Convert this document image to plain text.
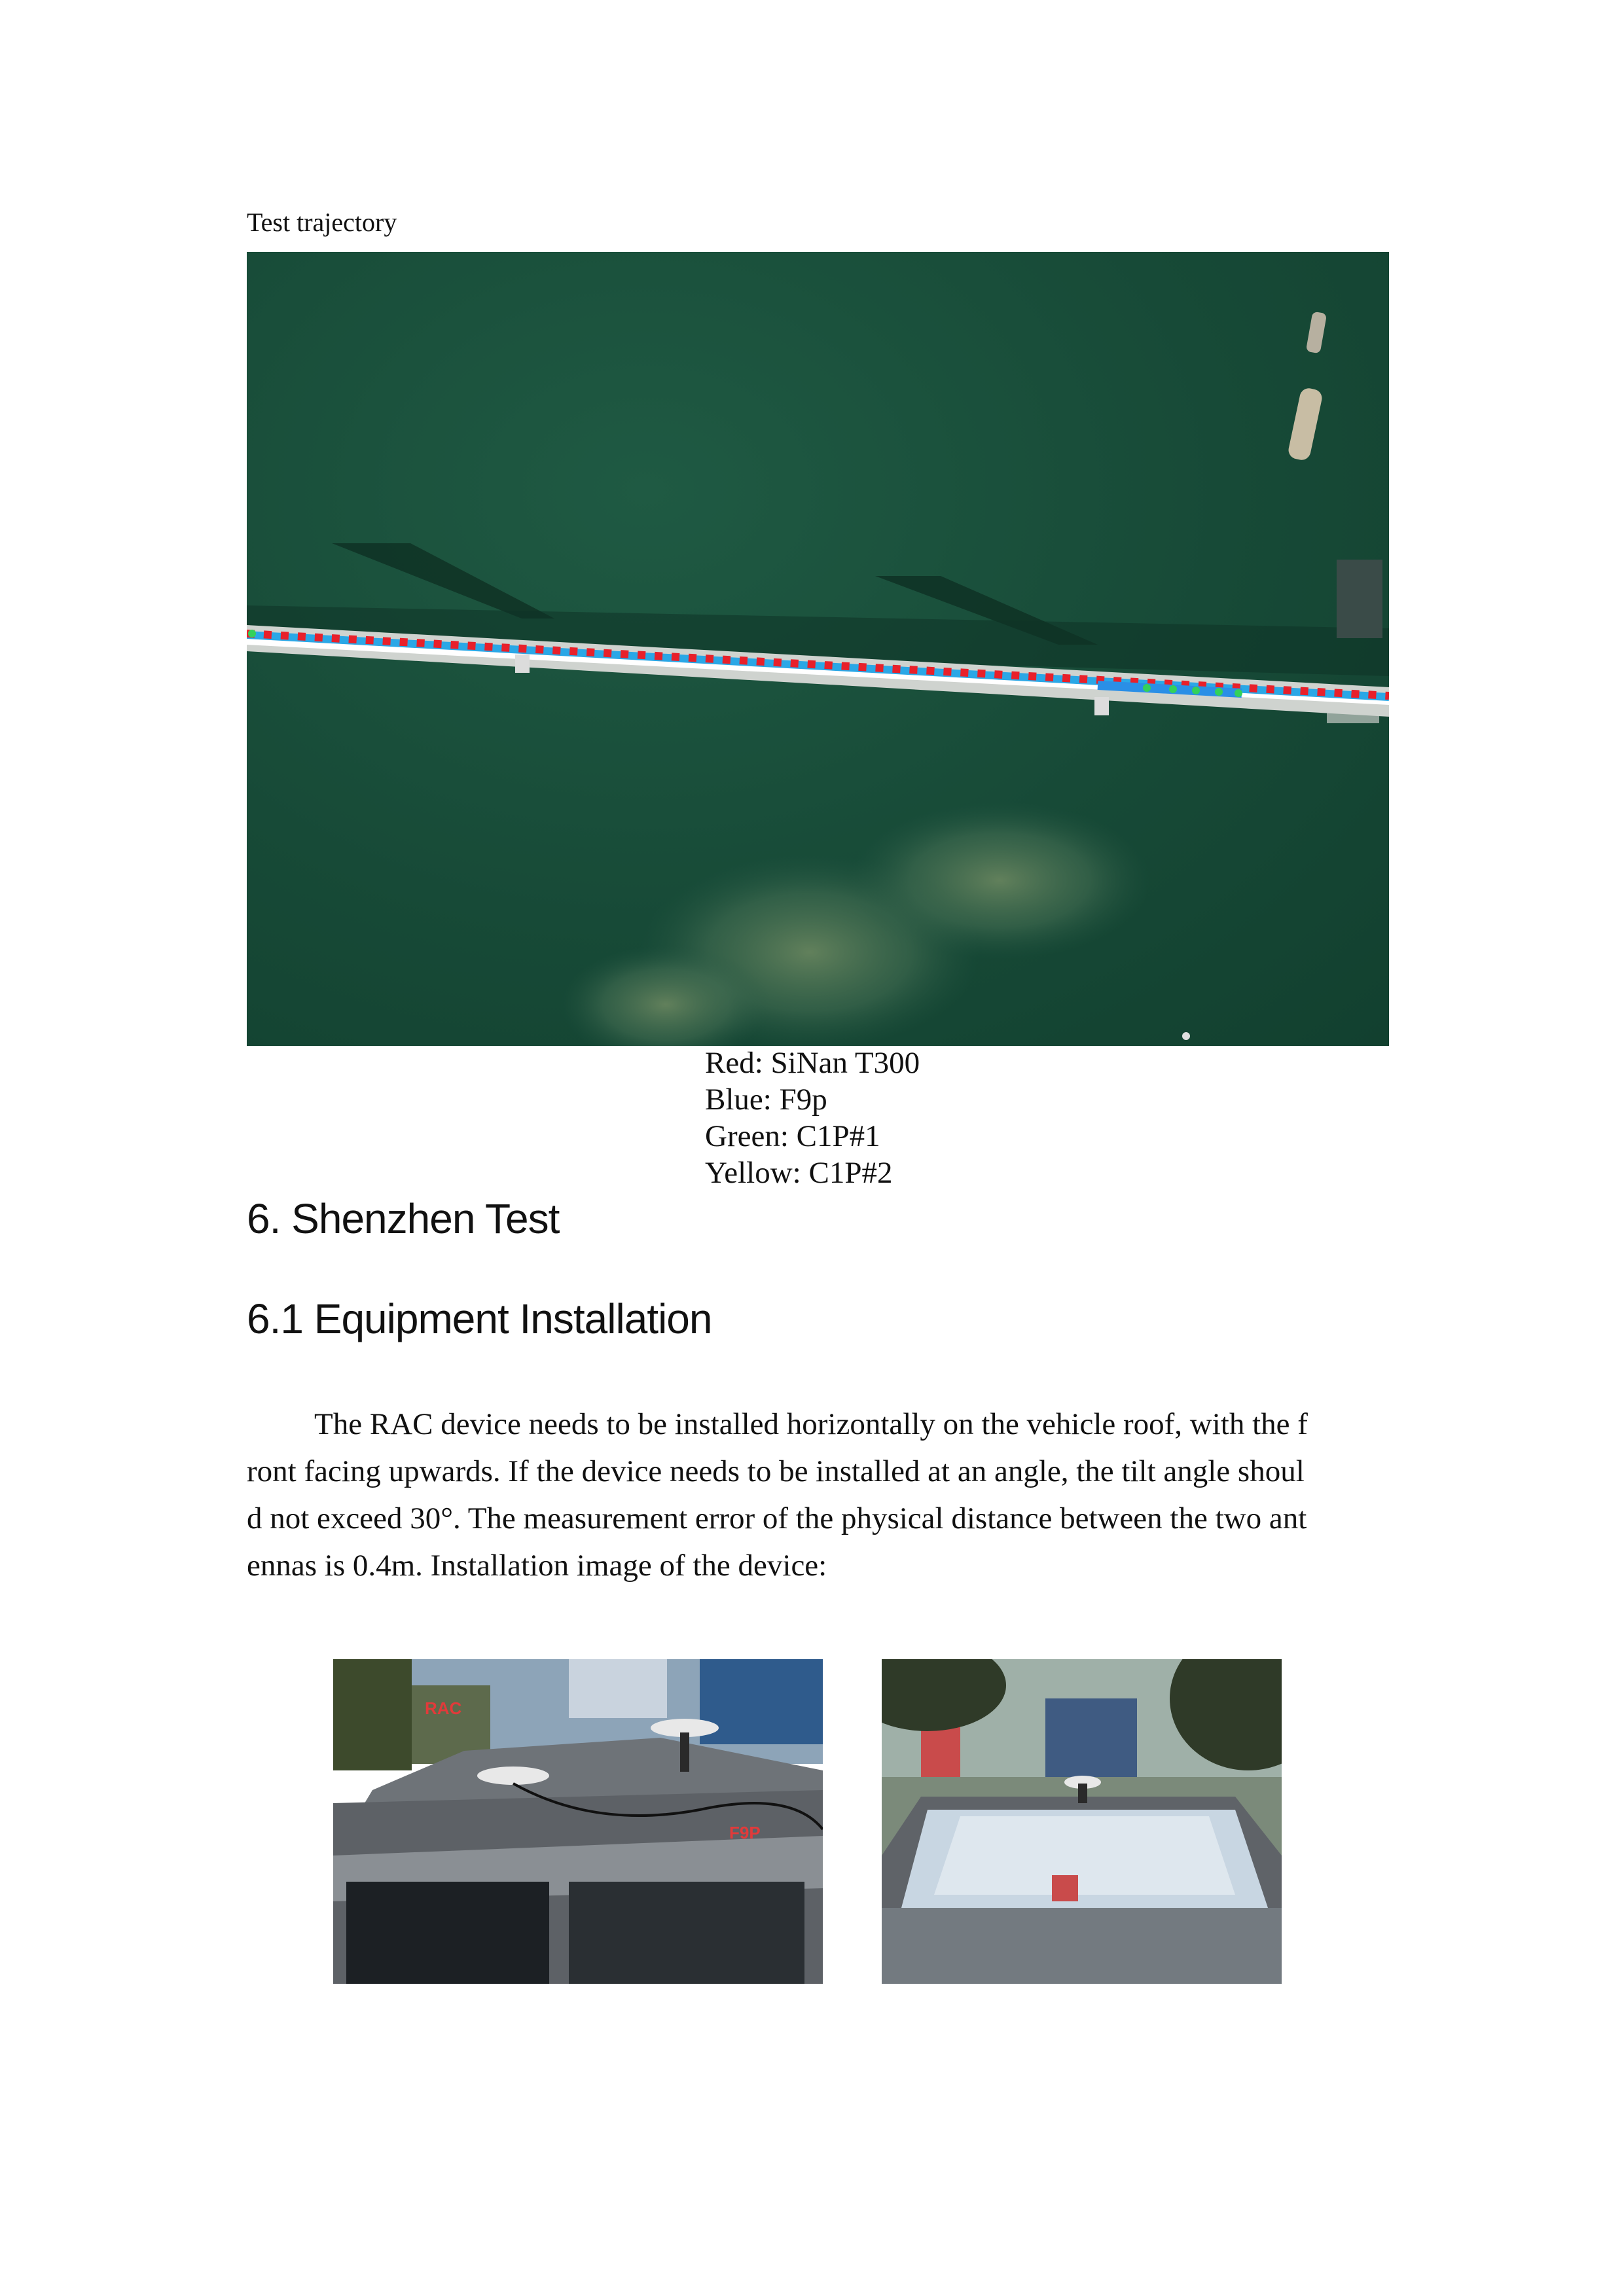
Test trajectory
Red: SiNan T300
Blue: F9p
Green: C1P#1
Yellow: C1P#2
6. Shenzhen Test
6.1 Equipment Installation
The RAC device needs to be installed horizontally on the vehicle roof, with the f
ront facing upwards. If the device needs to be installed at an angle, the tilt angle shoul
d not exceed 30°. The measurement error of the physical distance between the two ant
ennas is 0.4m. Installation image of the device:
RAC
F9P
